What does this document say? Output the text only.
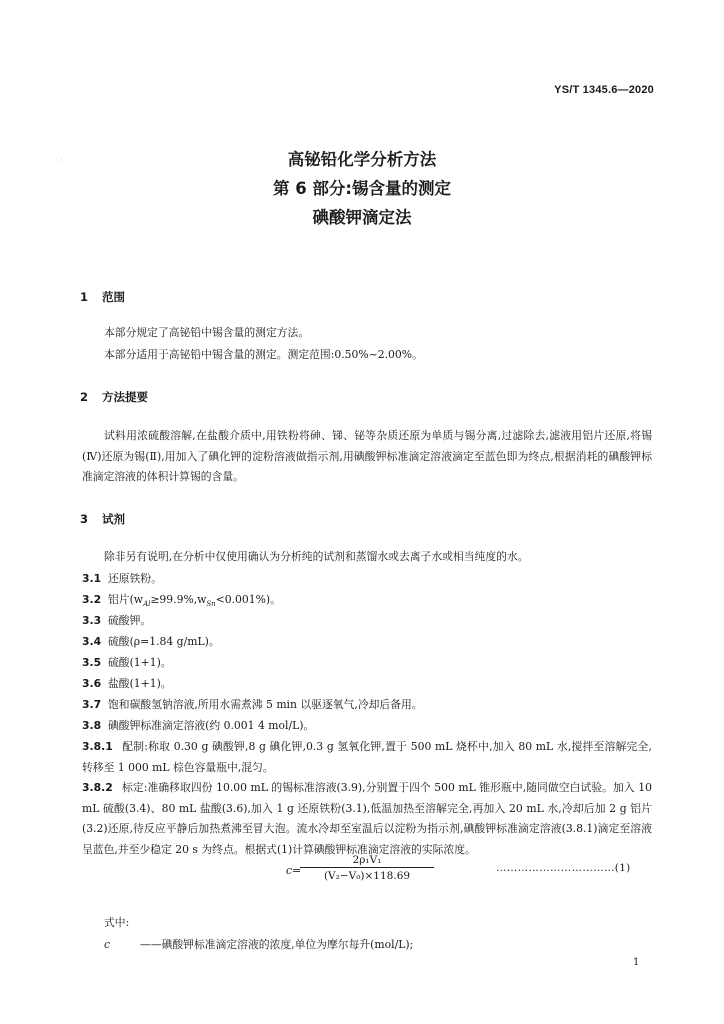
YS/T 1345.6—2020
·	高铋铅化学分析方法
第 6 部分:锡含量的测定
碘酸钾滴定法
1 范围
本部分规定了高铋铅中锡含量的测定方法。
本部分适用于高铋铅中锡含量的测定。测定范围:0.50%~2.00%。
2 方法提要
试料用浓硫酸溶解,在盐酸介质中,用铁粉将砷、锑、铋等杂质还原为单质与锡分离,过滤除去,滤液用铝片还原,将锡(Ⅳ)还原为锡(Ⅱ),用加入了碘化钾的淀粉溶液做指示剂,用碘酸钾标准滴定溶液滴定至蓝色即为终点,根据消耗的碘酸钾标准滴定溶液的体积计算锡的含量。
3 试剂
除非另有说明,在分析中仅使用确认为分析纯的试剂和蒸馏水或去离子水或相当纯度的水。
3.1 还原铁粉。
3.2 铝片$(w_{Al}\ge 99.9\%,w_{Sn}<0.001\%)$。
3.3 硫酸钾。
3.4 硫酸(ρ=1.84 g/mL)。
3.5 硫酸(1+1)。
3.6 盐酸(1+1)。
3.7 饱和碳酸氢钠溶液,所用水需煮沸 5 min 以驱逐氧气,冷却后备用。
3.8 碘酸钾标准滴定溶液(约 0.001 4 mol/L)。
3.8.1 配制:称取 0.30 g 碘酸钾,8 g 碘化钾,0.3 g 氢氧化钾,置于 500 mL 烧杯中,加入 80 mL 水,搅拌至溶解完全,转移至 1 000 mL 棕色容量瓶中,混匀。
3.8.2 标定:准确移取四份 10.00 mL 的锡标准溶液(3.9),分别置于四个 500 mL 锥形瓶中,随同做空白试验。加入 10 mL 硫酸(3.4)、80 mL 盐酸(3.6),加入 1 g 还原铁粉(3.1),低温加热至溶解完全,再加入 20 mL 水,冷却后加 2 g 铝片(3.2)还原,待反应平静后加热煮沸至冒大泡。流水冷却至室温后以淀粉为指示剂,碘酸钾标准滴定溶液(3.8.1)滴定至溶液呈蓝色,并至少稳定 20 s 为终点。根据式(1)计算碘酸钾标准滴定溶液的实际浓度。
c=
$\frac{\text{2ρ₁V₁}}{\text{(V₂−V₀)×118.69}}$	……………………………(1)
式中:
c	——碘酸钾标准滴定溶液的浓度,单位为摩尔每升(mol/L);
1
